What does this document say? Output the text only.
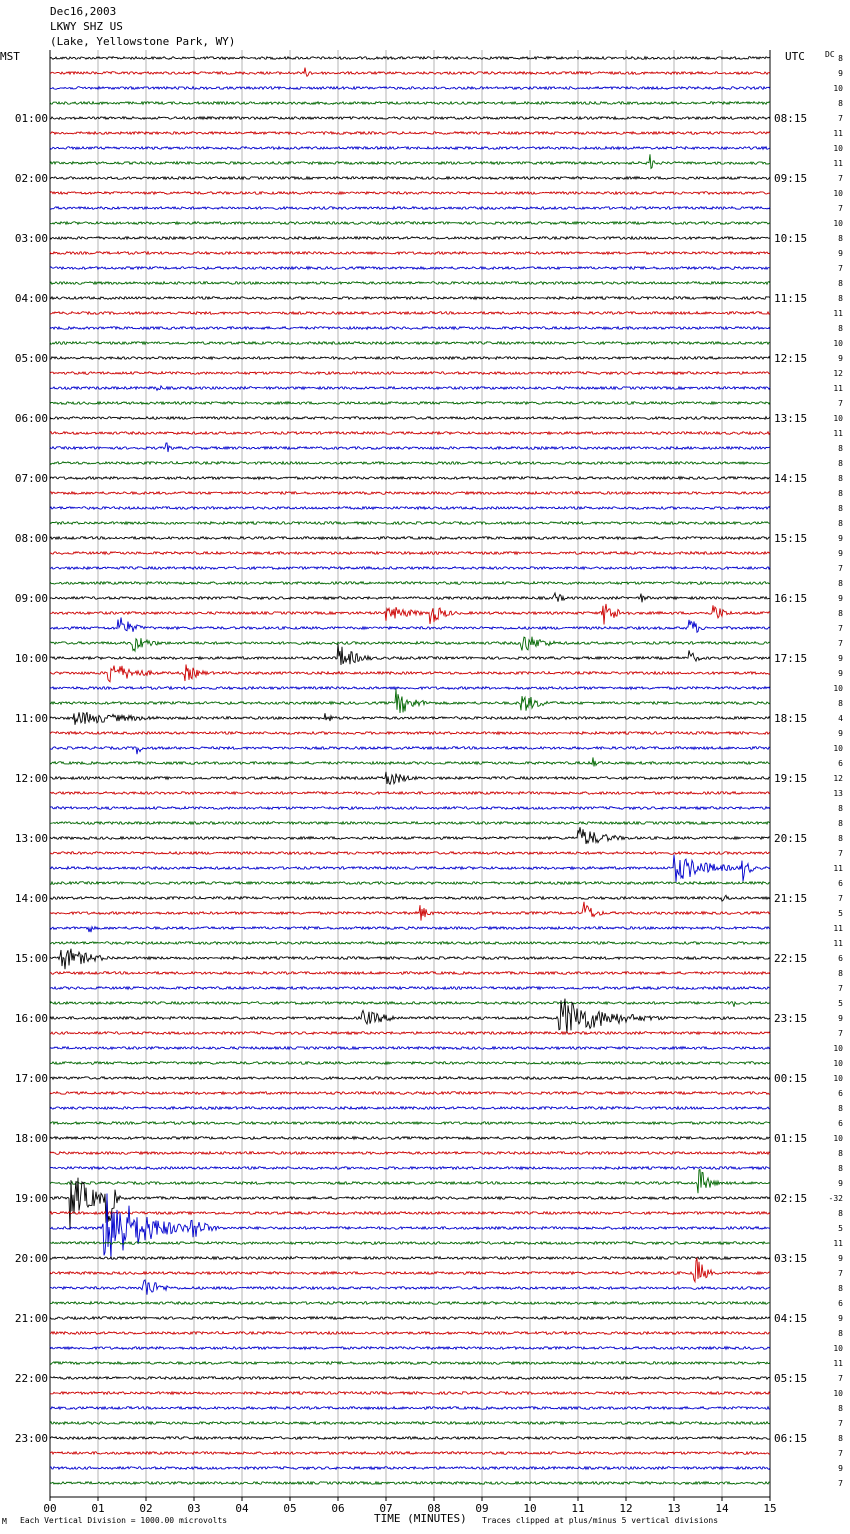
Dec16,2003
LKWY SHZ US
(Lake, Yellowstone Park, WY)
MST	UTC	DC
00	01	02	03	04	05	06	07	08	09	10	11	12	13	14	15
8
9
10
8
7
11
10
11
7
10
7
10
8
9
7
8
8
11
8
10
9
12
11
7
10
11
8
8
8
8
8
8
9
9
7
8
9
8
7
7
9
9
10
8
4
9
10
6
12
13
8
8
8
7
11
6
7
5
11
11
6
8
7
5
9
7
10
10
10
6
8
6
10
8
8
9
-32
8
5
11
9
7
8
6
9
8
10
11
7
10
8
7
8
7
9
7
01:00
02:00
03:00
04:00
05:00
06:00
07:00
08:00
09:00
10:00
11:00
12:00
13:00
14:00
15:00
16:00
17:00
18:00
19:00
20:00
21:00
22:00
23:00
08:15
09:15
10:15
11:15
12:15
13:15
14:15
15:15
16:15
17:15
18:15
19:15
20:15
21:15
22:15
23:15
00:15
01:15
02:15
03:15
04:15
05:15
06:15
M Each Vertical Division = 1000.00 microvolts	TIME (MINUTES) Traces clipped at plus/minus 5 vertical divisions
